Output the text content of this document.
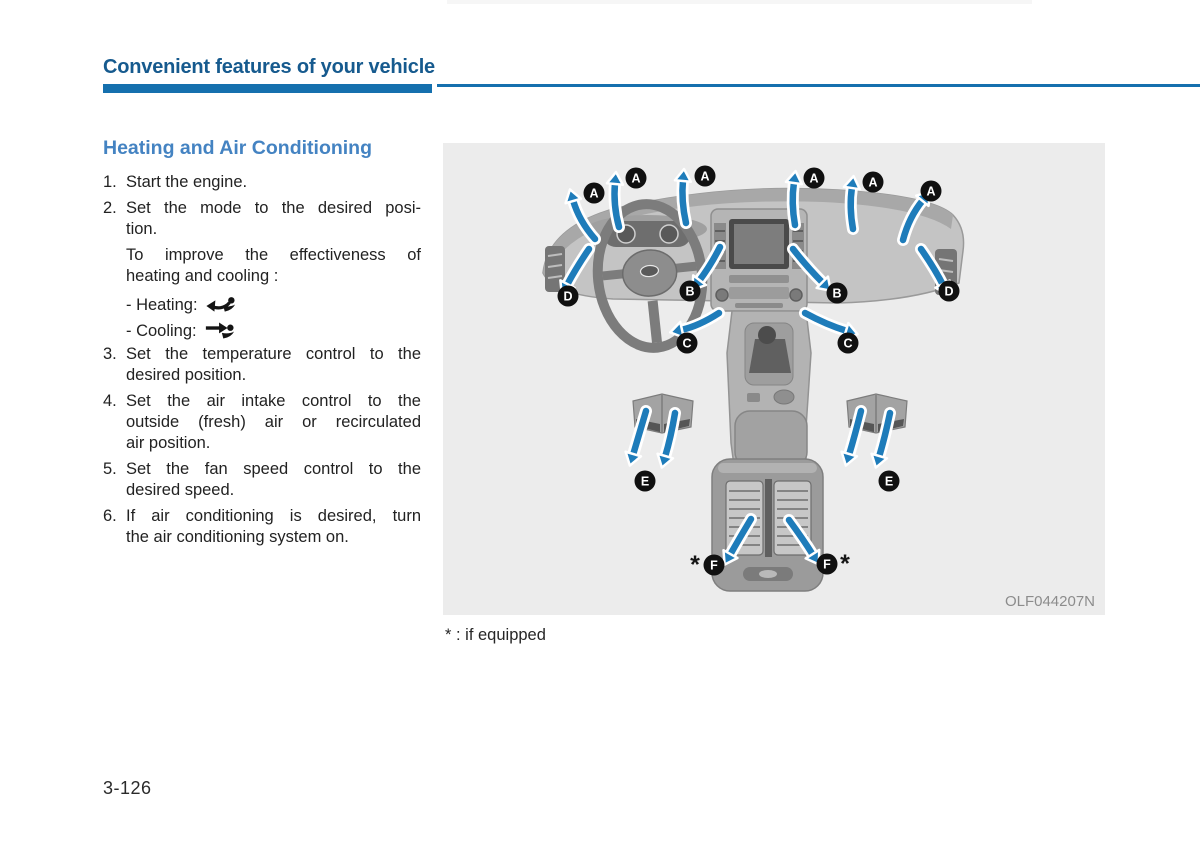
Convenient features of your vehicle
Heating and Air Conditioning
1. Start the engine.
2. Set the mode to the desired posi-
tion.
To improve the effectiveness of
heating and cooling :
- Heating:
- Cooling:
3. Set the temperature control to the
desired position.
4. Set the air intake control to the
outside (fresh) air or recirculated
air position.
5. Set the fan speed control to the
desired speed.
6. If air conditioning is desired, turn
the air conditioning system on.
A
A	A	A	A
A
B	B
C	C
D	D
E	E
F	F
*	*
OLF044207N
* : if equipped
3-126
